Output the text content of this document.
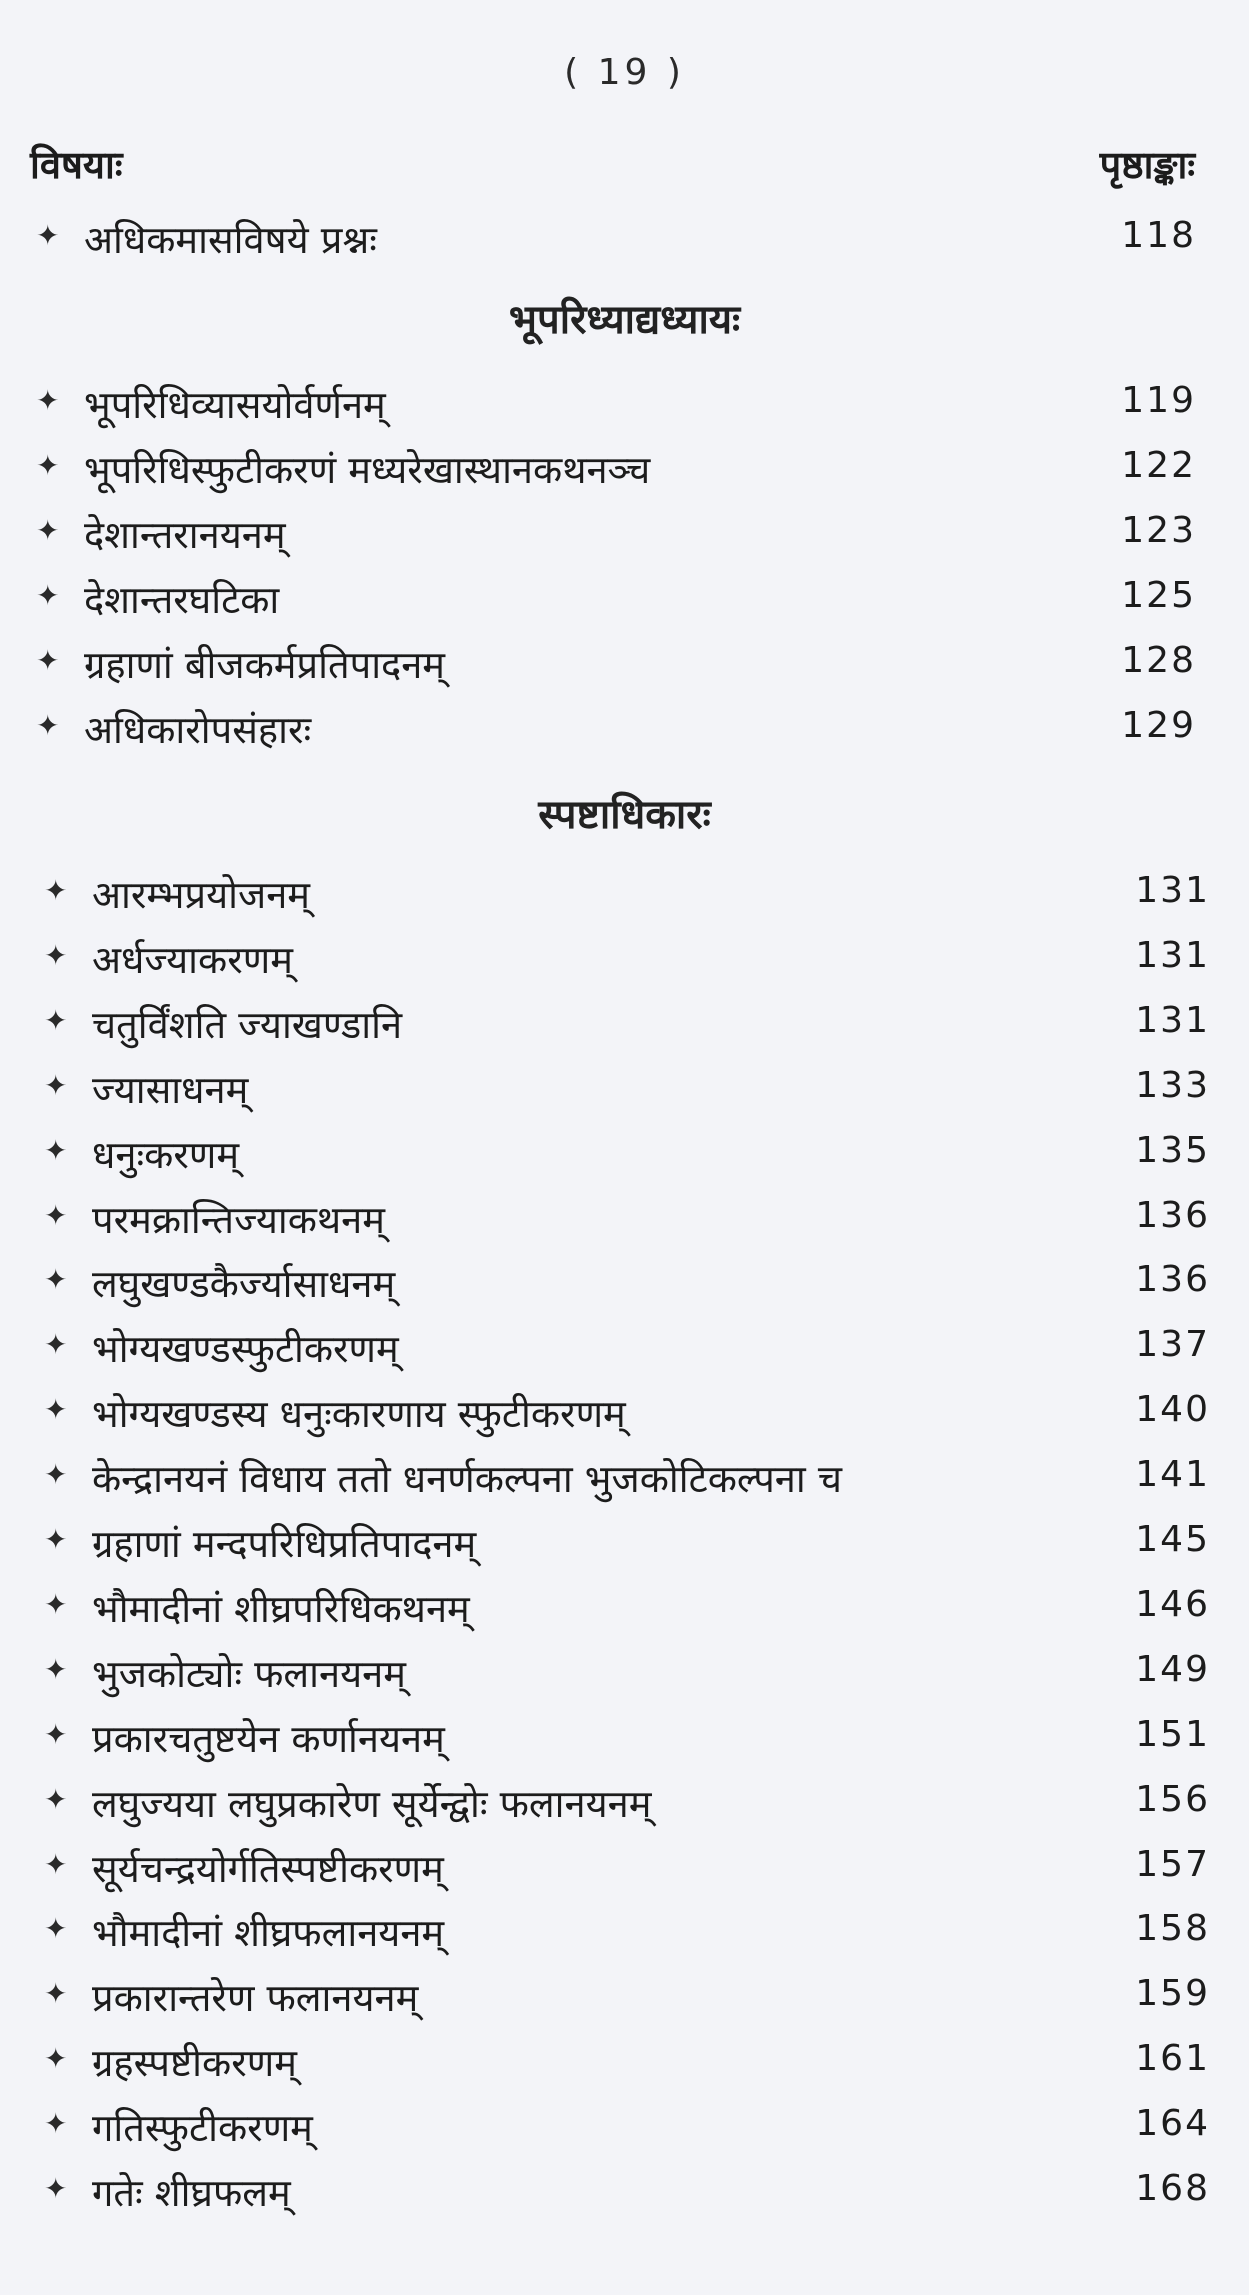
( 19 )
विषयाः	पृष्ठाङ्काः
✦ अधिकमासविषये प्रश्नः	118
भूपरिध्याद्यध्यायः
✦ भूपरिधिव्यासयोर्वर्णनम्	119
✦ भूपरिधिस्फुटीकरणं मध्यरेखास्थानकथनञ्च	122
✦ देशान्तरानयनम्	123
✦ देशान्तरघटिका	125
✦ ग्रहाणां बीजकर्मप्रतिपादनम्	128
✦ अधिकारोपसंहारः	129
स्पष्टाधिकारः
✦ आरम्भप्रयोजनम्	131
✦ अर्धज्याकरणम्	131
✦ चतुर्विंशति ज्याखण्डानि	131
✦ ज्यासाधनम्	133
✦ धनुःकरणम्	135
✦ परमक्रान्तिज्याकथनम्	136
✦ लघुखण्डकैर्ज्यासाधनम्	136
✦ भोग्यखण्डस्फुटीकरणम्	137
✦ भोग्यखण्डस्य धनुःकारणाय स्फुटीकरणम्	140
✦ केन्द्रानयनं विधाय ततो धनर्णकल्पना भुजकोटिकल्पना च	141
✦ ग्रहाणां मन्दपरिधिप्रतिपादनम्	145
✦ भौमादीनां शीघ्रपरिधिकथनम्	146
✦ भुजकोट्योः फलानयनम्	149
✦ प्रकारचतुष्टयेन कर्णानयनम्	151
✦ लघुज्यया लघुप्रकारेण सूर्येन्द्वोः फलानयनम्	156
✦ सूर्यचन्द्रयोर्गतिस्पष्टीकरणम्	157
✦ भौमादीनां शीघ्रफलानयनम्	158
✦ प्रकारान्तरेण फलानयनम्	159
✦ ग्रहस्पष्टीकरणम्	161
✦ गतिस्फुटीकरणम्	164
✦ गतेः शीघ्रफलम्	168
